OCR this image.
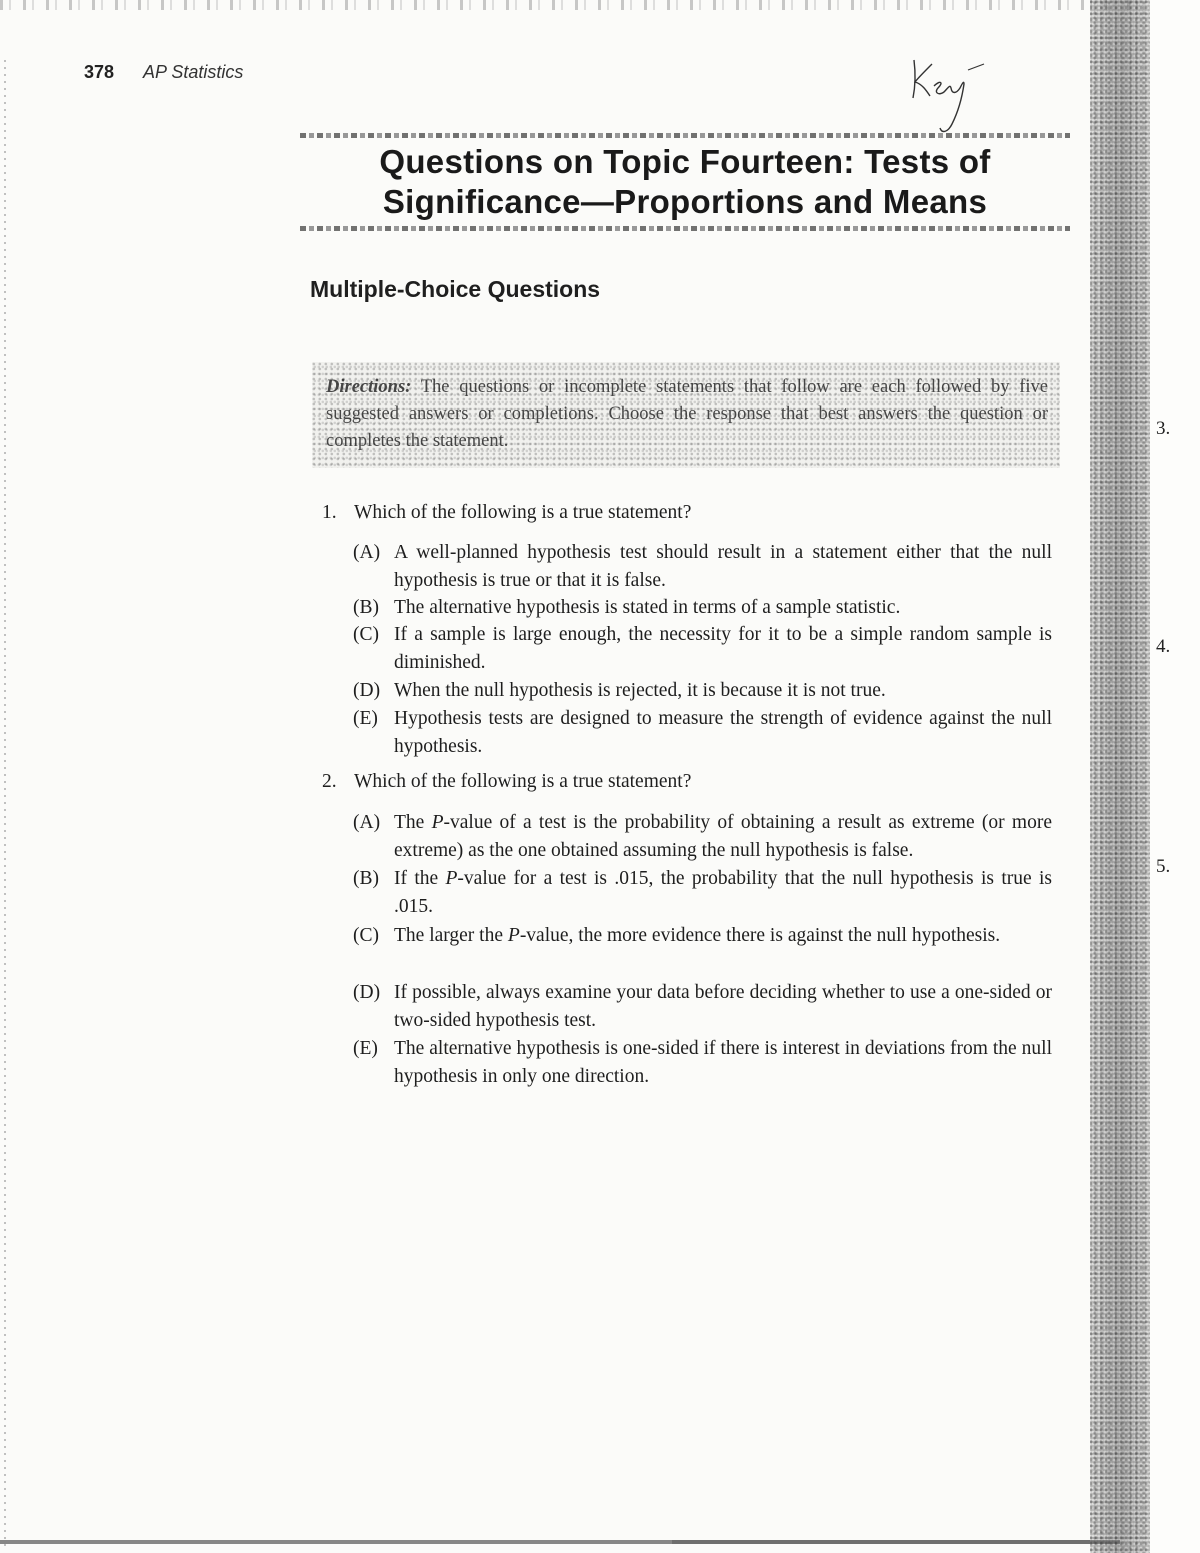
3.
4.
5.
378 AP Statistics
Questions on Topic Fourteen: Tests of
Significance—Proportions and Means
Multiple-Choice Questions
Directions: The questions or incomplete statements that follow are each followed by five suggested answers or completions. Choose the response that best answers the question or completes the statement.
1. Which of the following is a true statement?
(A) A well-planned hypothesis test should result in a statement either that the null hypothesis is true or that it is false.
(B) The alternative hypothesis is stated in terms of a sample statistic.
(C) If a sample is large enough, the necessity for it to be a simple random sample is diminished.
(D) When the null hypothesis is rejected, it is because it is not true.
(E) Hypothesis tests are designed to measure the strength of evidence against the null hypothesis.
2. Which of the following is a true statement?
(A) The P-value of a test is the probability of obtaining a result as extreme (or more extreme) as the one obtained assuming the null hypothesis is false.
(B) If the P-value for a test is .015, the probability that the null hypothesis is true is .015.
(C) The larger the P-value, the more evidence there is against the null hypothesis.
(D) If possible, always examine your data before deciding whether to use a one-sided or two-sided hypothesis test.
(E) The alternative hypothesis is one-sided if there is interest in deviations from the null hypothesis in only one direction.
